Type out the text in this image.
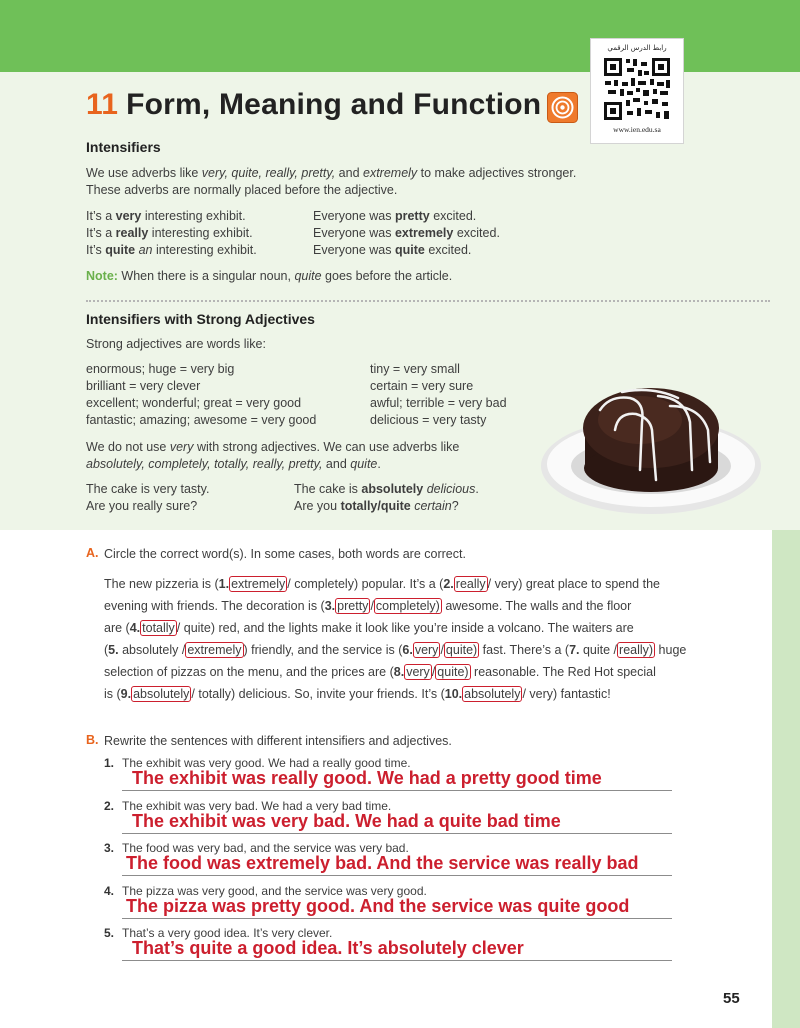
رابط الدرس الرقمي
www.ien.edu.sa
11 Form, Meaning and Function
Intensifiers
We use adverbs like very, quite, really, pretty, and extremely to make adjectives stronger.
These adverbs are normally placed before the adjective.
It’s a very interesting exhibit.
It’s a really interesting exhibit.
It’s quite an interesting exhibit.
Everyone was pretty excited.
Everyone was extremely excited.
Everyone was quite excited.
Note: When there is a singular noun, quite goes before the article.
Intensifiers with Strong Adjectives
Strong adjectives are words like:
enormous; huge = very big
brilliant = very clever
excellent; wonderful; great = very good
fantastic; amazing; awesome = very good
tiny = very small
certain = very sure
awful; terrible = very bad
delicious = very tasty
We do not use very with strong adjectives. We can use adverbs like
absolutely, completely, totally, really, pretty, and quite.
The cake is very tasty.
Are you really sure?
The cake is absolutely delicious.
Are you totally/quite certain?
A. Circle the correct word(s). In some cases, both words are correct.
The new pizzeria is (1. extremely / completely) popular. It’s a (2. really / very) great place to spend the
evening with friends. The decoration is (3. pretty / completely) awesome. The walls and the floor
are (4. totally / quite) red, and the lights make it look like you’re inside a volcano. The waiters are
(5. absolutely / extremely ) friendly, and the service is (6. very / quite) fast. There’s a (7. quite / really) huge
selection of pizzas on the menu, and the prices are (8. very / quite) reasonable. The Red Hot special
is (9. absolutely / totally) delicious. So, invite your friends. It’s (10. absolutely / very) fantastic!
B. Rewrite the sentences with different intensifiers and adjectives.
1. The exhibit was very good. We had a really good time.
The exhibit was really good. We had a pretty good time
2. The exhibit was very bad. We had a very bad time.
The exhibit was very bad. We had a quite bad time
3. The food was very bad, and the service was very bad.
The food was extremely bad. And the service was really bad
4. The pizza was very good, and the service was very good.
The pizza was pretty good. And the service was quite good
5. That’s a very good idea. It’s very clever.
That’s quite a good idea. It’s absolutely clever
55
